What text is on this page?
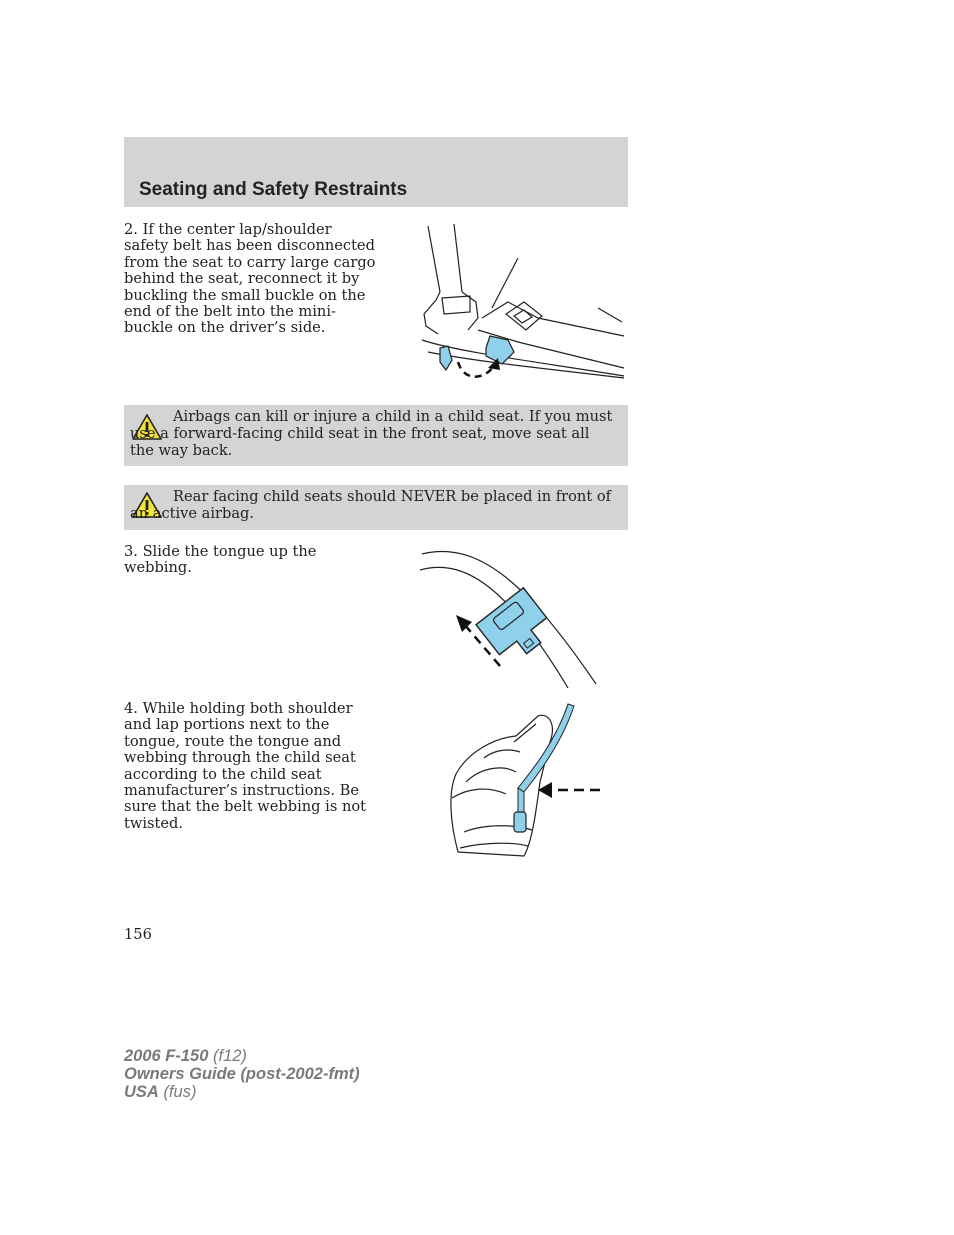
Seating and Safety Restraints
2. If the center lap/shoulder safety belt has been disconnected from the seat to carry large cargo behind the seat, reconnect it by buckling the small buckle on the end of the belt into the mini-buckle on the driver’s side.
Airbags can kill or injure a child in a child seat. If you must use a forward-facing child seat in the front seat, move seat all the way back.
Rear facing child seats should NEVER be placed in front of an active airbag.
3. Slide the tongue up the webbing.
4. While holding both shoulder and lap portions next to the tongue, route the tongue and webbing through the child seat according to the child seat manufacturer’s instructions. Be sure that the belt webbing is not twisted.
156
2006 F-150 (f12)
Owners Guide (post-2002-fmt)
USA (fus)
